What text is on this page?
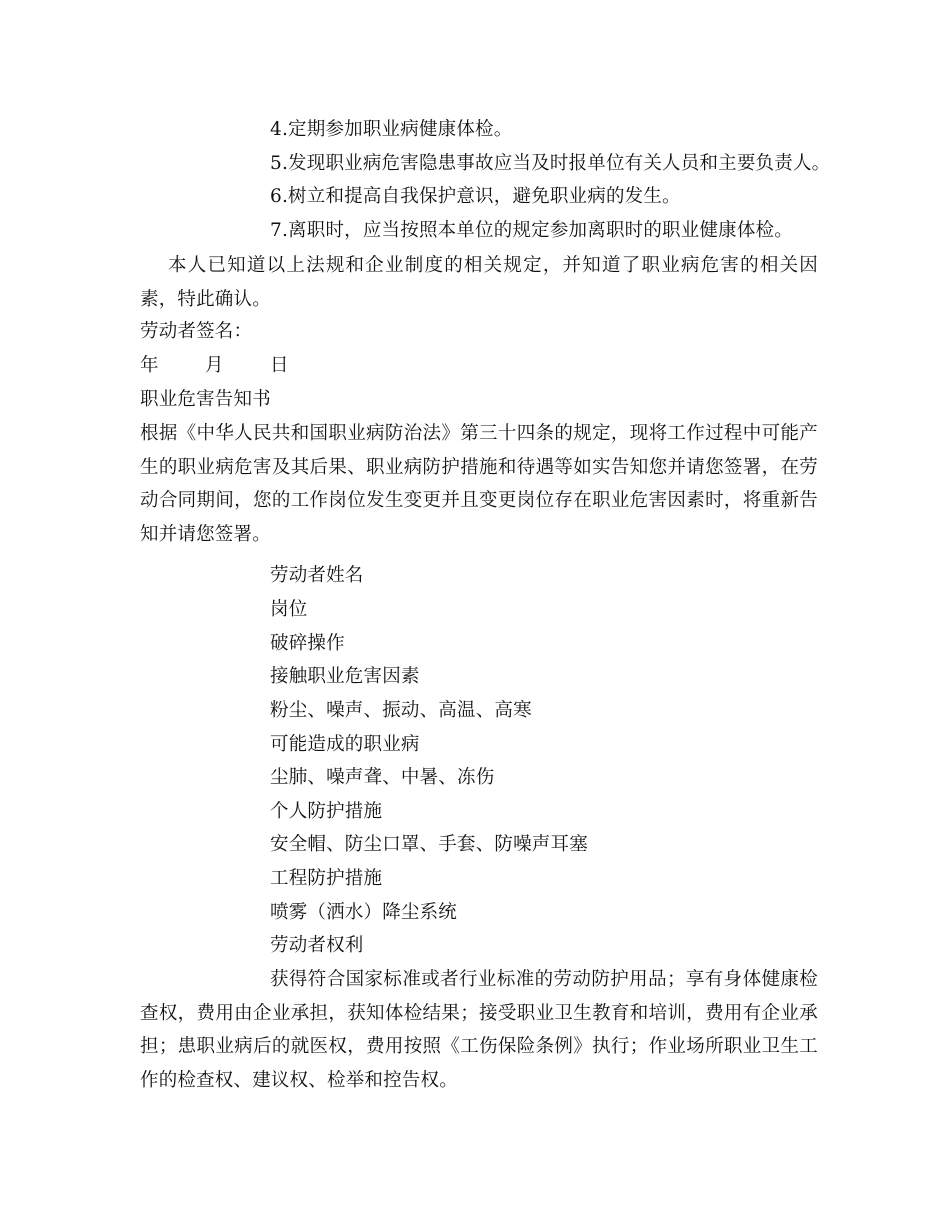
4.定期参加职业病健康体检。
5.发现职业病危害隐患事故应当及时报单位有关人员和主要负责人。
6.树立和提高自我保护意识，避免职业病的发生。
7.离职时，应当按照本单位的规定参加离职时的职业健康体检。
本人已知道以上法规和企业制度的相关规定，并知道了职业病危害的相关因素，特此确认。
劳动者签名：
年	月	日
职业危害告知书
根据《中华人民共和国职业病防治法》第三十四条的规定，现将工作过程中可能产生的职业病危害及其后果、职业病防护措施和待遇等如实告知您并请您签署，在劳动合同期间，您的工作岗位发生变更并且变更岗位存在职业危害因素时，将重新告知并请您签署。
劳动者姓名
岗位
破碎操作
接触职业危害因素
粉尘、噪声、振动、高温、高寒
可能造成的职业病
尘肺、噪声聋、中暑、冻伤
个人防护措施
安全帽、防尘口罩、手套、防噪声耳塞
工程防护措施
喷雾（洒水）降尘系统
劳动者权利
获得符合国家标准或者行业标准的劳动防护用品；享有身体健康检查权，费用由企业承担，获知体检结果；接受职业卫生教育和培训，费用有企业承担；患职业病后的就医权，费用按照《工伤保险条例》执行；作业场所职业卫生工作的检查权、建议权、检举和控告权。
